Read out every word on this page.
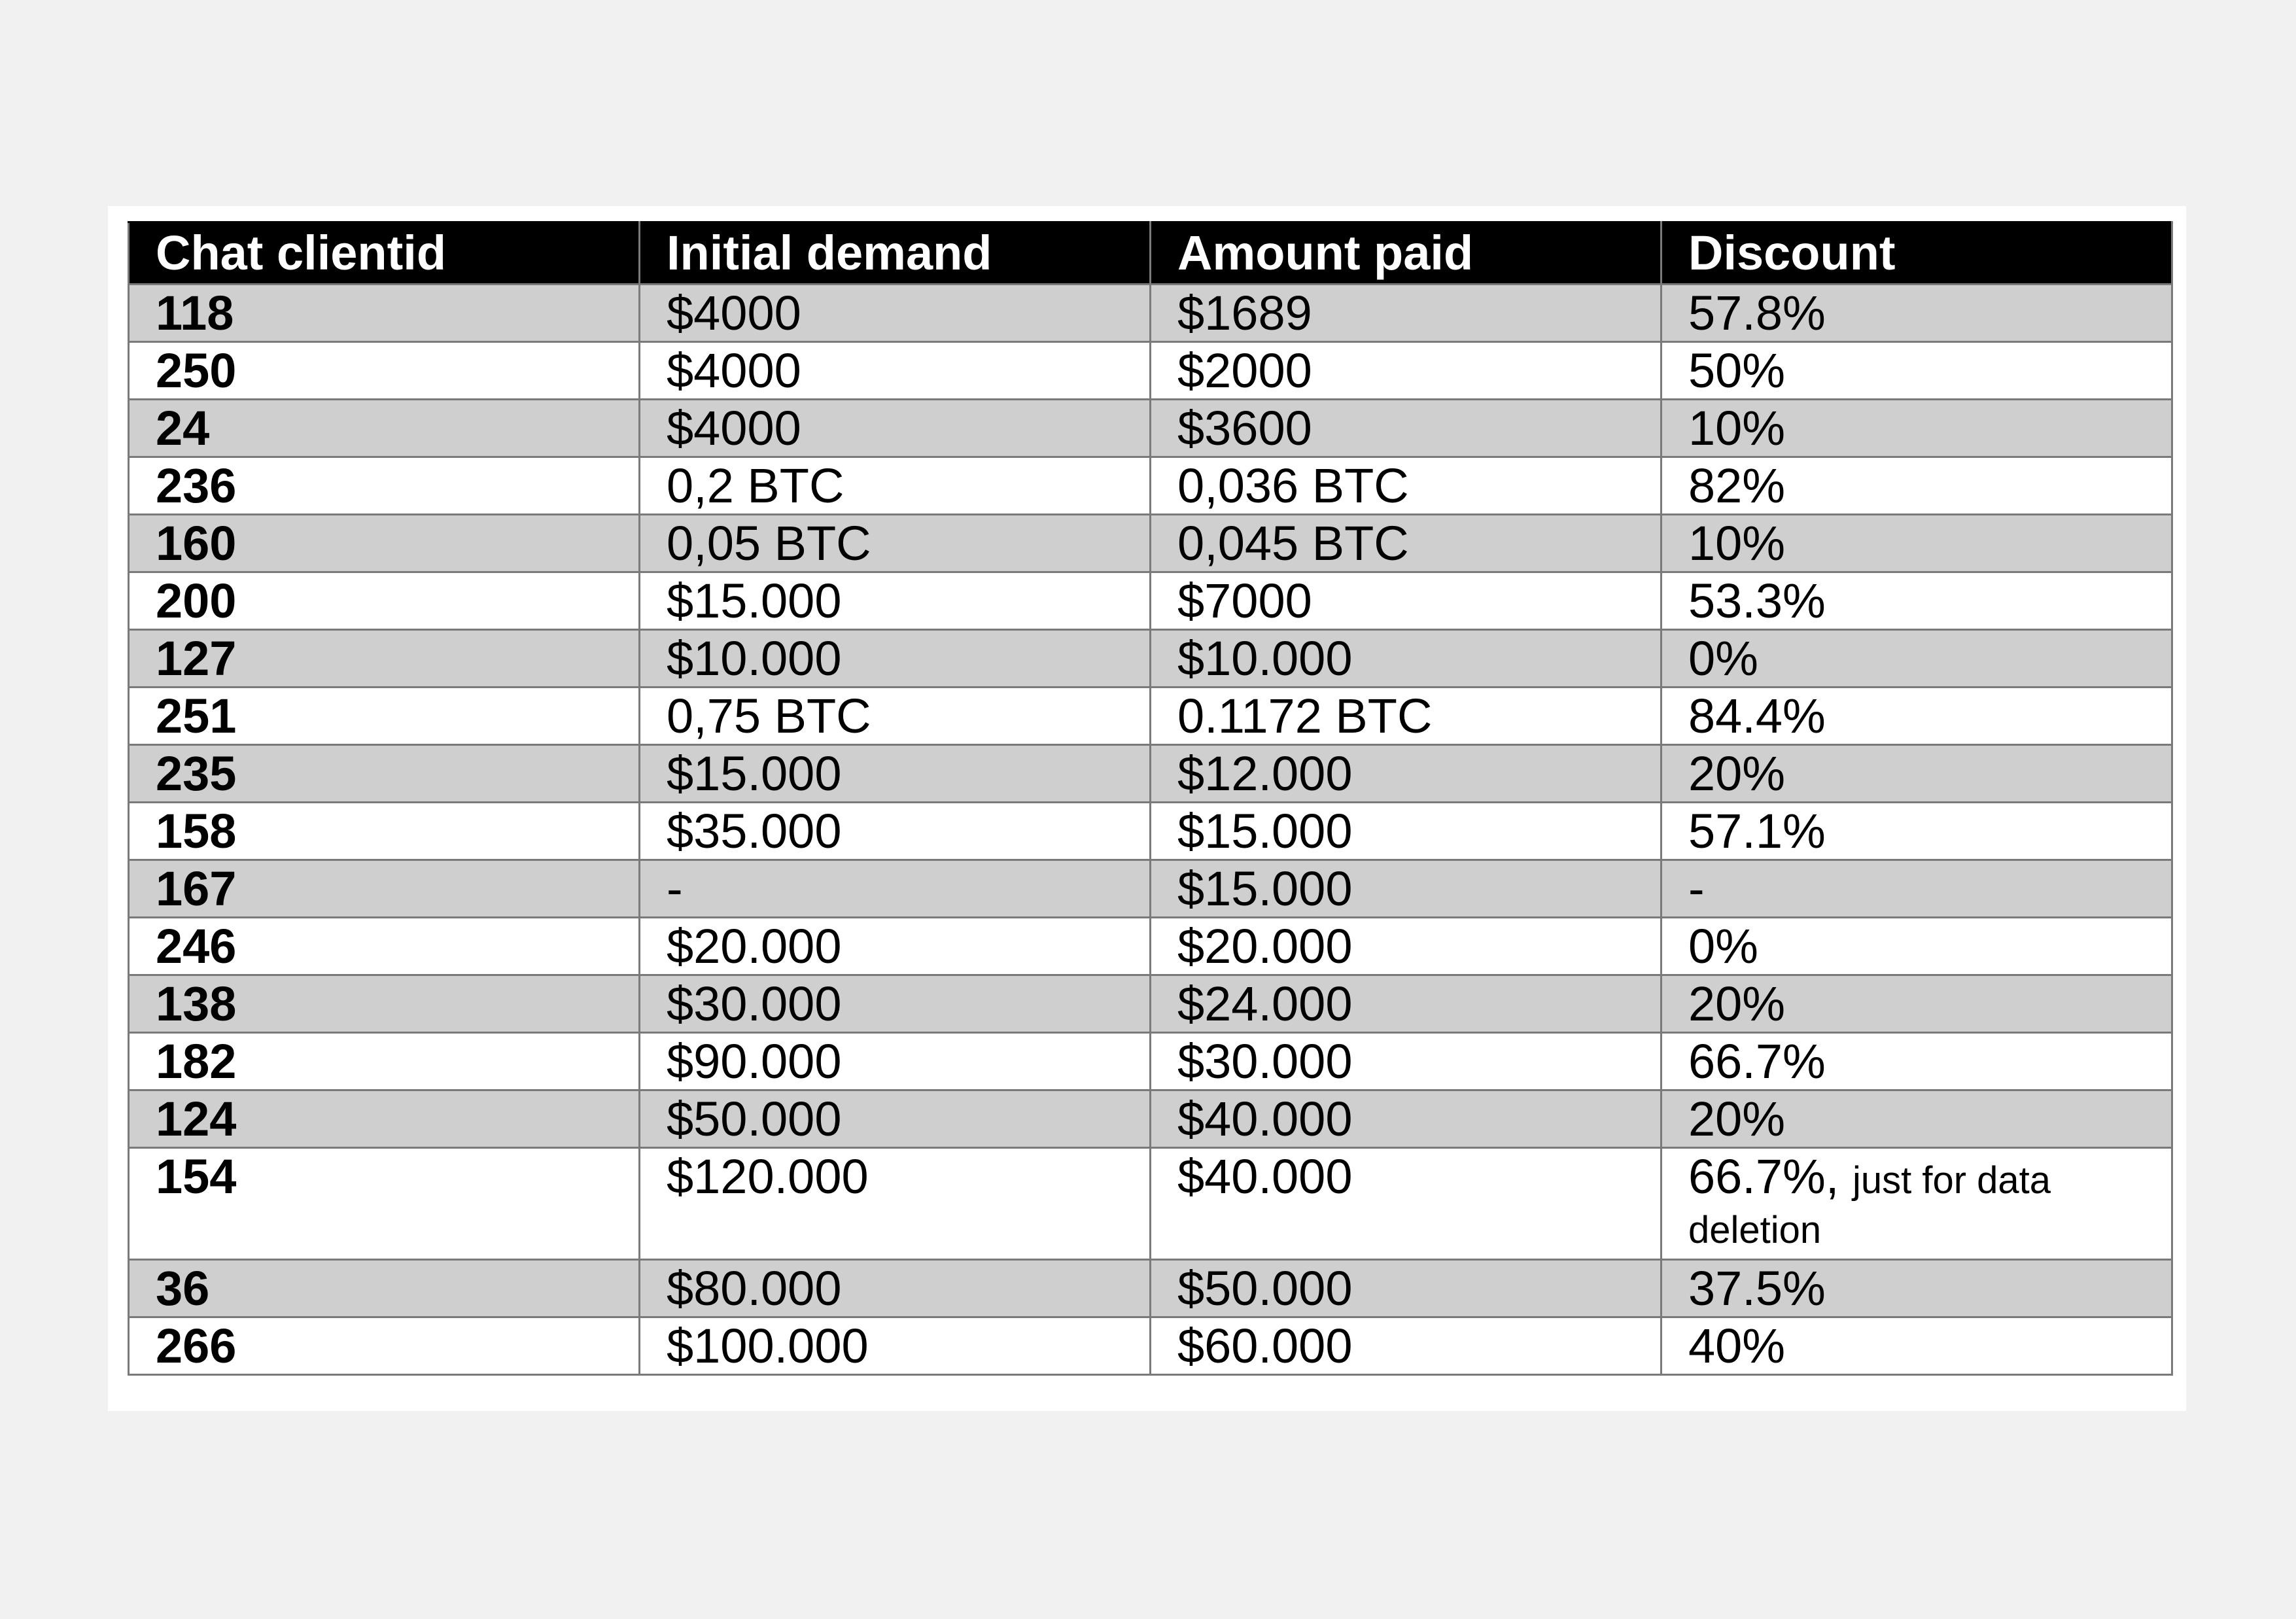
Chat clientid	Initial demand	Amount paid	Discount
118	$4000	$1689	57.8%
250	$4000	$2000	50%
24	$4000	$3600	10%
236	0,2 BTC	0,036 BTC	82%
160	0,05 BTC	0,045 BTC	10%
200	$15.000	$7000	53.3%
127	$10.000	$10.000	0%
251	0,75 BTC	0.1172 BTC	84.4%
235	$15.000	$12.000	20%
158	$35.000	$15.000	57.1%
167	-	$15.000	-
246	$20.000	$20.000	0%
138	$30.000	$24.000	20%
182	$90.000	$30.000	66.7%
124	$50.000	$40.000	20%
154	$120.000	$40.000	66.7%, just for data deletion
36	$80.000	$50.000	37.5%
266	$100.000	$60.000	40%
